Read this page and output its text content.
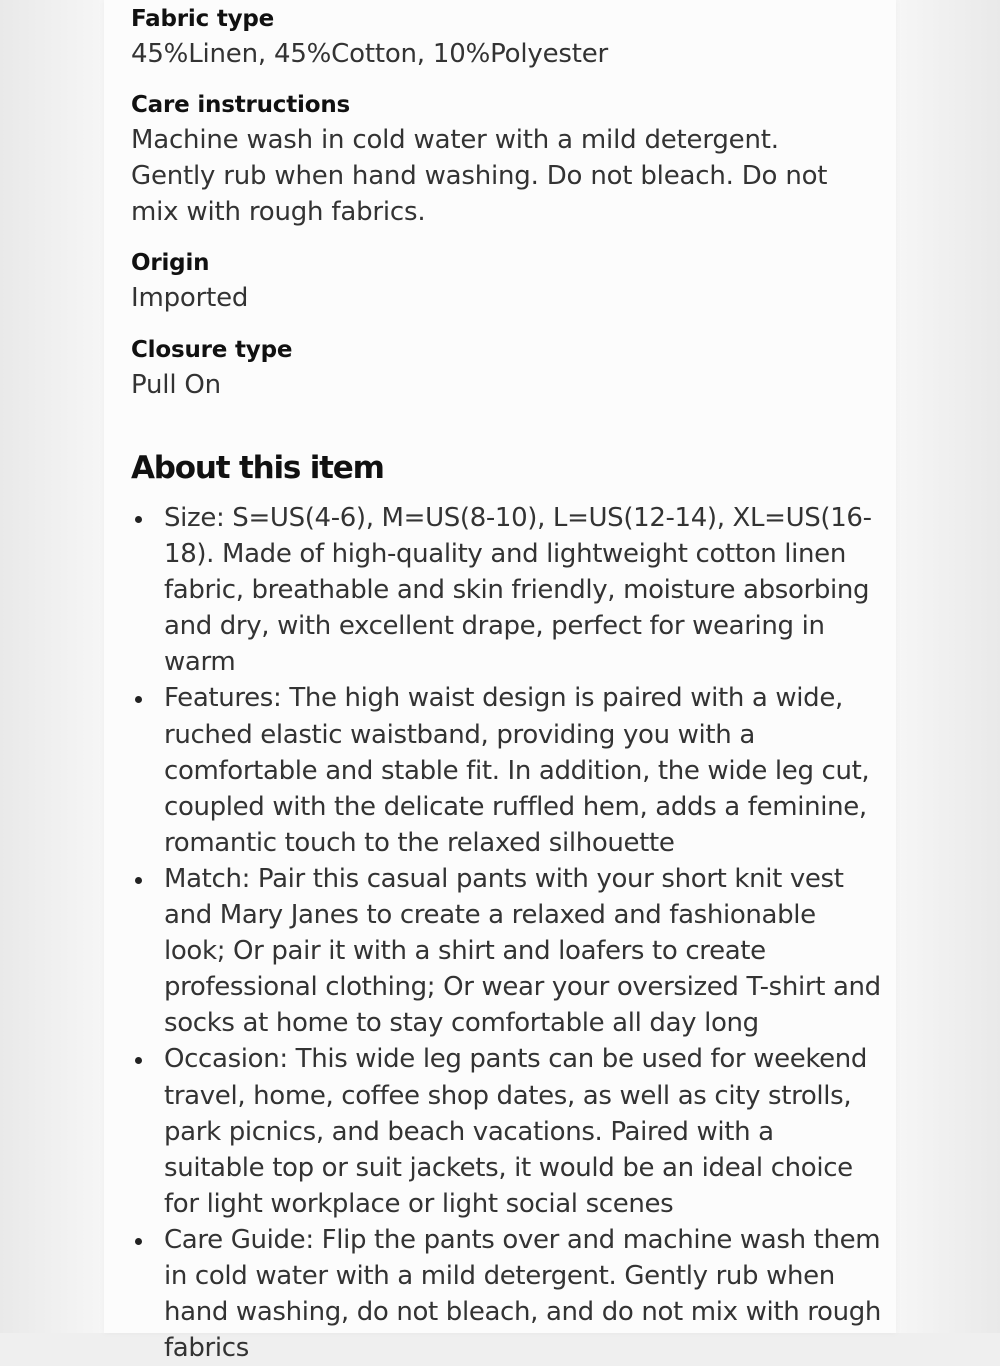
Fabric type
45%Linen, 45%Cotton, 10%Polyester
Care instructions
Machine wash in cold water with a mild detergent. Gently rub when hand washing. Do not bleach. Do not mix with rough fabrics.
Origin
Imported
Closure type
Pull On
About this item
Size: S=US(4-6), M=US(8-10), L=US(12-14), XL=US(16-18). Made of high-quality and lightweight cotton linen fabric, breathable and skin friendly, moisture absorbing and dry, with excellent drape, perfect for wearing in warm
Features: The high waist design is paired with a wide, ruched elastic waistband, providing you with a comfortable and stable fit. In addition, the wide leg cut, coupled with the delicate ruffled hem, adds a feminine, romantic touch to the relaxed silhouette
Match: Pair this casual pants with your short knit vest and Mary Janes to create a relaxed and fashionable look; Or pair it with a shirt and loafers to create professional clothing; Or wear your oversized T-shirt and socks at home to stay comfortable all day long
Occasion: This wide leg pants can be used for weekend travel, home, coffee shop dates, as well as city strolls, park picnics, and beach vacations. Paired with a suitable top or suit jackets, it would be an ideal choice for light workplace or light social scenes
Care Guide: Flip the pants over and machine wash them in cold water with a mild detergent. Gently rub when hand washing, do not bleach, and do not mix with rough fabrics
